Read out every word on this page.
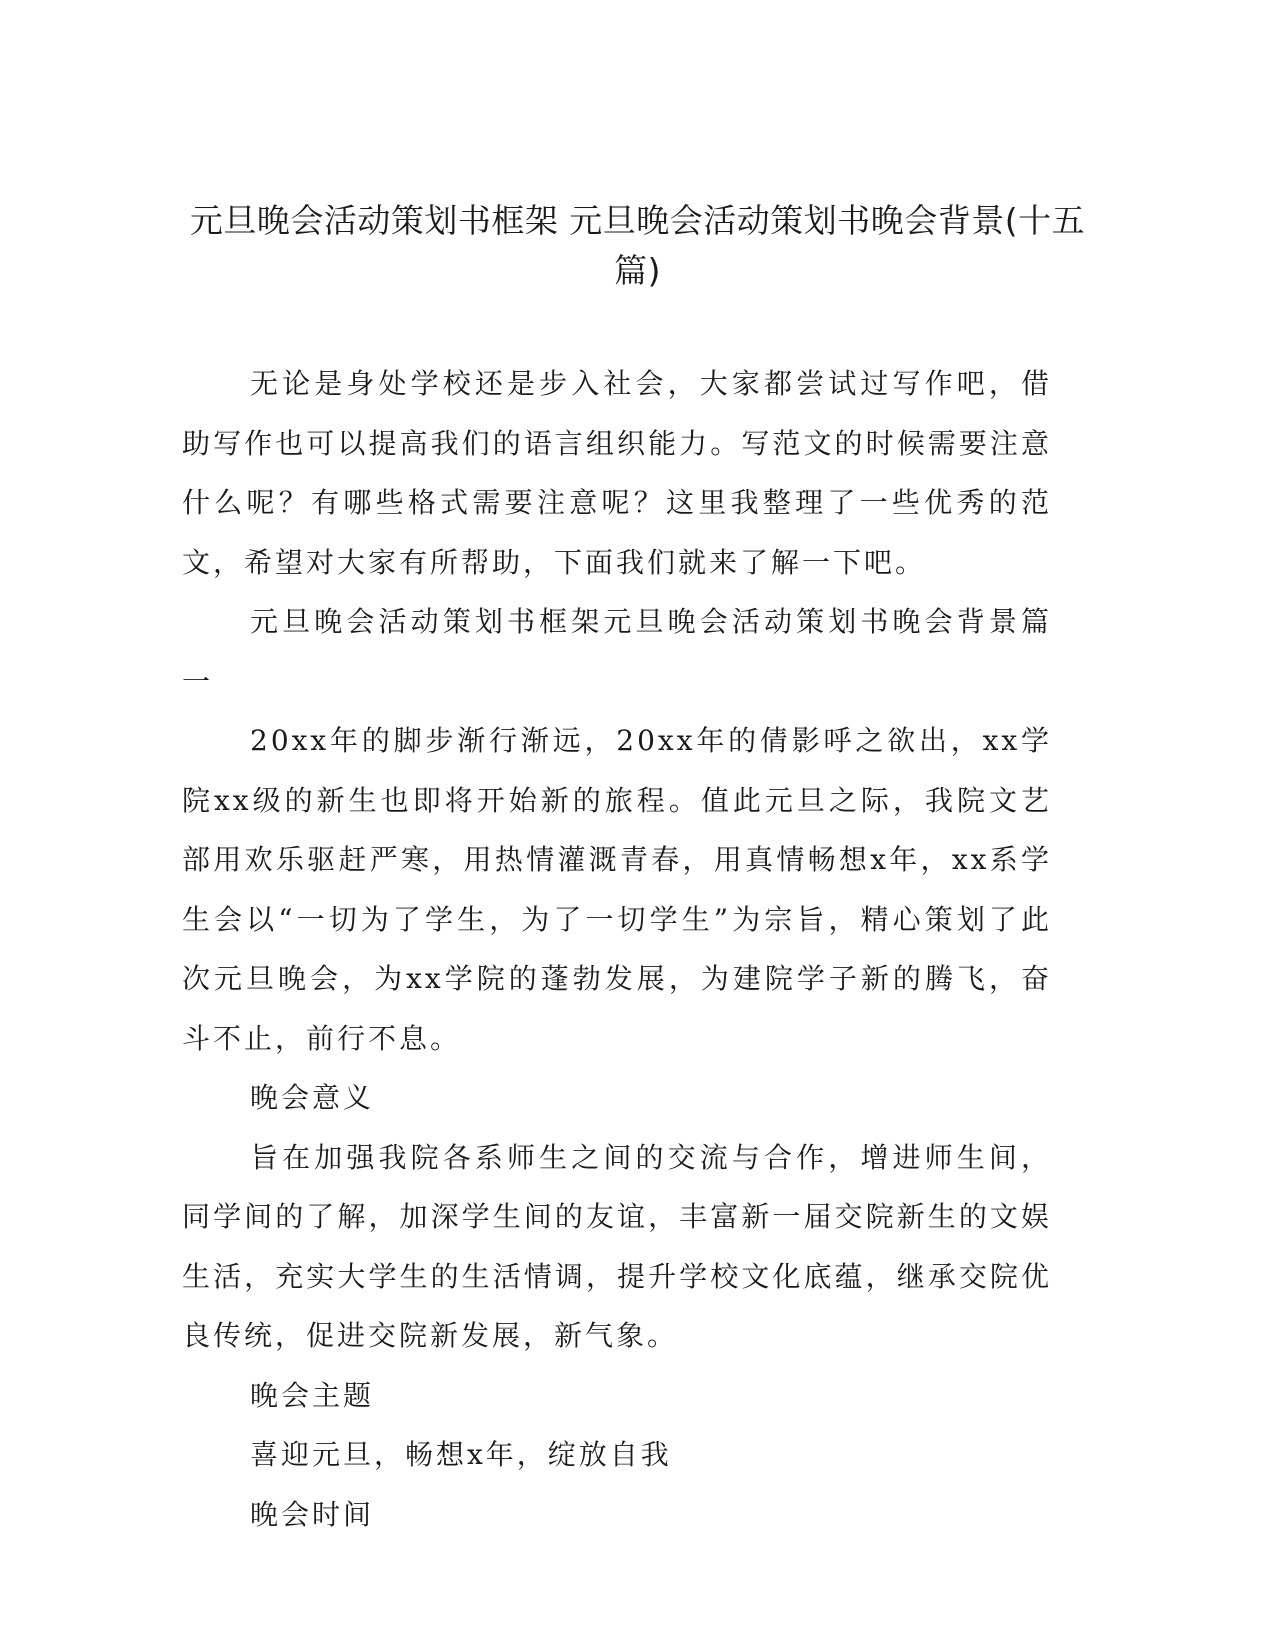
元旦晚会活动策划书框架 元旦晚会活动策划书晚会背景(十五篇)

无论是身处学校还是步入社会，大家都尝试过写作吧，借助写作也可以提高我们的语言组织能力。写范文的时候需要注意什么呢？有哪些格式需要注意呢？这里我整理了一些优秀的范文，希望对大家有所帮助，下面我们就来了解一下吧。

元旦晚会活动策划书框架元旦晚会活动策划书晚会背景篇一

20xx年的脚步渐行渐远，20xx年的倩影呼之欲出，xx学院xx级的新生也即将开始新的旅程。值此元旦之际，我院文艺部用欢乐驱赶严寒，用热情灌溉青春，用真情畅想x年，xx系学生会以“一切为了学生，为了一切学生”为宗旨，精心策划了此次元旦晚会，为xx学院的蓬勃发展，为建院学子新的腾飞，奋斗不止，前行不息。

晚会意义

旨在加强我院各系师生之间的交流与合作，增进师生间，同学间的了解，加深学生间的友谊，丰富新一届交院新生的文娱生活，充实大学生的生活情调，提升学校文化底蕴，继承交院优良传统，促进交院新发展，新气象。

晚会主题

喜迎元旦，畅想x年，绽放自我

晚会时间
